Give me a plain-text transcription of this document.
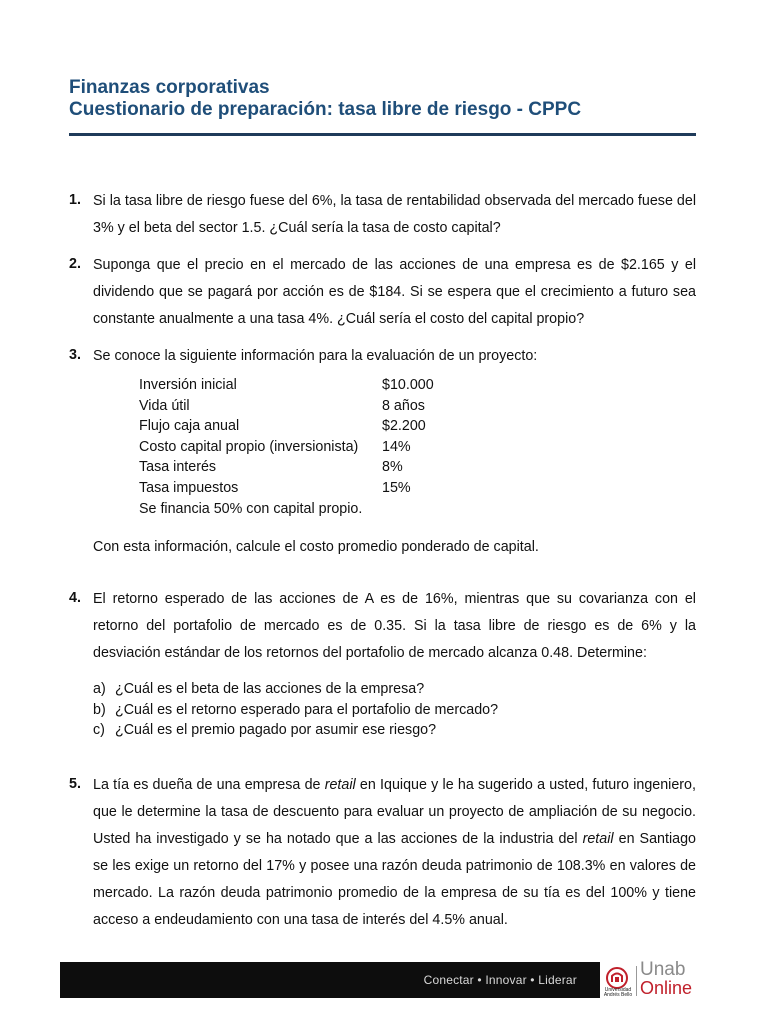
Finanzas corporativas
Cuestionario de preparación: tasa libre de riesgo - CPPC
1. Si la tasa libre de riesgo fuese del 6%, la tasa de rentabilidad observada del mercado fuese del 3% y el beta del sector 1.5. ¿Cuál sería la tasa de costo capital?
2. Suponga que el precio en el mercado de las acciones de una empresa es de $2.165 y el dividendo que se pagará por acción es de $184. Si se espera que el crecimiento a futuro sea constante anualmente a una tasa 4%. ¿Cuál sería el costo del capital propio?
3. Se conoce la siguiente información para la evaluación de un proyecto:
Inversión inicial	$10.000
Vida útil	8 años
Flujo caja anual	$2.200
Costo capital propio (inversionista)	14%
Tasa interés	8%
Tasa impuestos	15%
Se financia 50% con capital propio.
Con esta información, calcule el costo promedio ponderado de capital.
4. El retorno esperado de las acciones de A es de 16%, mientras que su covarianza con el retorno del portafolio de mercado es de 0.35. Si la tasa libre de riesgo es de 6% y la desviación estándar de los retornos del portafolio de mercado alcanza 0.48. Determine:
a) ¿Cuál es el beta de las acciones de la empresa?
b) ¿Cuál es el retorno esperado para el portafolio de mercado?
c) ¿Cuál es el premio pagado por asumir ese riesgo?
5. La tía es dueña de una empresa de retail en Iquique y le ha sugerido a usted, futuro ingeniero, que le determine la tasa de descuento para evaluar un proyecto de ampliación de su negocio. Usted ha investigado y se ha notado que a las acciones de la industria del retail en Santiago se les exige un retorno del 17% y posee una razón deuda patrimonio de 108.3% en valores de mercado. La razón deuda patrimonio promedio de la empresa de su tía es del 100% y tiene acceso a endeudamiento con una tasa de interés del 4.5% anual.
Conectar • Innovar • Liderar
Universidad Andrés Bello
Unab
Online
